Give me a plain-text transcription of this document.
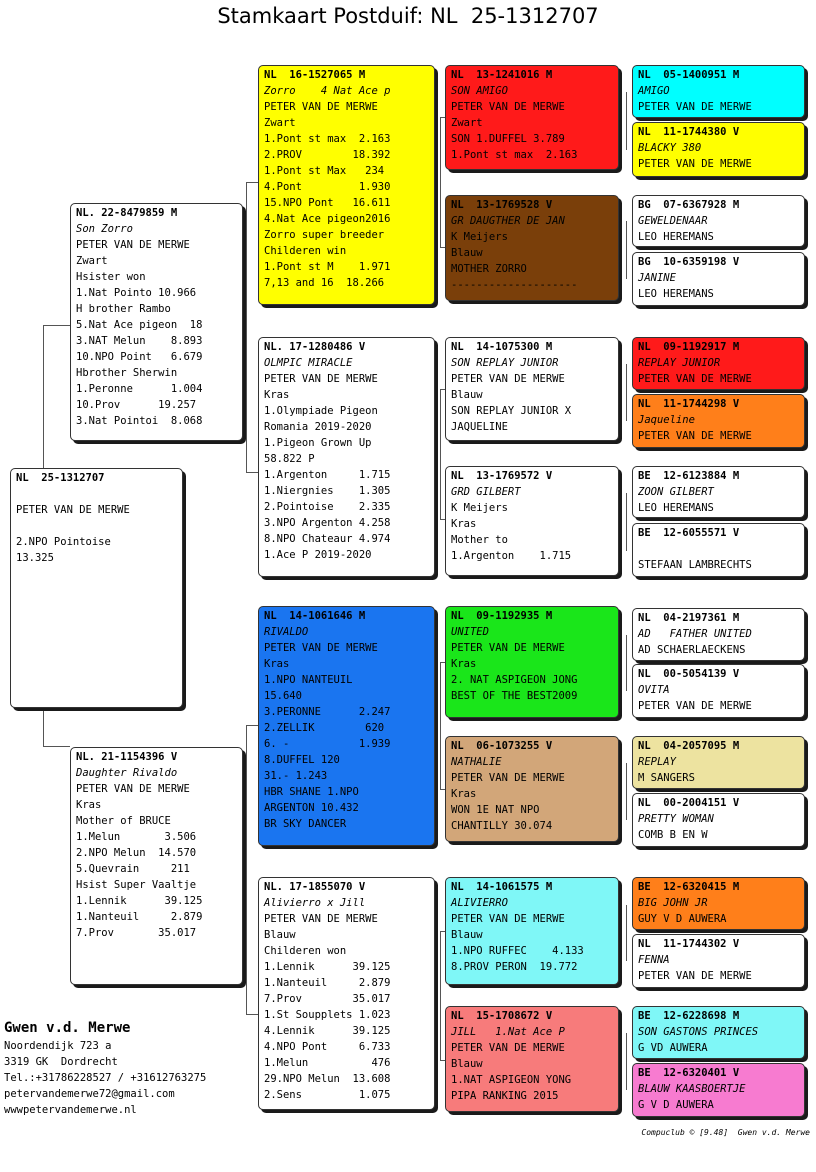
Stamkaart Postduif: NL  25-1312707
NL  25-1312707
PETER VAN DE MERWE
2.NPO Pointoise
13.325
NL. 22-8479859 M
Son Zorro
PETER VAN DE MERWE
Zwart
Hsister won
1.Nat Pointo 10.966
H brother Rambo
5.Nat Ace pigeon  18
3.NAT Melun    8.893
10.NPO Point   6.679
Hbrother Sherwin
1.Peronne      1.004
10.Prov      19.257
3.Nat Pointoi  8.068
NL. 21-1154396 V
Daughter Rivaldo
PETER VAN DE MERWE
Kras
Mother of BRUCE
1.Melun       3.506
2.NPO Melun  14.570
5.Quevrain     211
Hsist Super Vaaltje
1.Lennik      39.125
1.Nanteuil     2.879
7.Prov       35.017
NL  16-1527065 M
Zorro    4 Nat Ace p
PETER VAN DE MERWE
Zwart
1.Pont st max  2.163
2.PROV        18.392
1.Pont st Max   234
4.Pont         1.930
15.NPO Pont   16.611
4.Nat Ace pigeon2016
Zorro super breeder
Childeren win
1.Pont st M    1.971
7,13 and 16  18.266
NL. 17-1280486 V
OLMPIC MIRACLE
PETER VAN DE MERWE
Kras
1.Olympiade Pigeon
Romania 2019-2020
1.Pigeon Grown Up
58.822 P
1.Argenton     1.715
1.Niergnies    1.305
2.Pointoise    2.335
3.NPO Argenton 4.258
8.NPO Chateaur 4.974
1.Ace P 2019-2020
NL  14-1061646 M
RIVALDO
PETER VAN DE MERWE
Kras
1.NPO NANTEUIL
15.640
3.PERONNE      2.247
2.ZELLIK        620
6. -           1.939
8.DUFFEL 120
31.- 1.243
HBR SHANE 1.NPO
ARGENTON 10.432
BR SKY DANCER
NL. 17-1855070 V
Alivierro x Jill
PETER VAN DE MERWE
Blauw
Childeren won
1.Lennik      39.125
1.Nanteuil     2.879
7.Prov        35.017
1.St Soupplets 1.023
4.Lennik      39.125
4.NPO Pont     6.733
1.Melun          476
29.NPO Melun  13.608
2.Sens         1.075
NL  13-1241016 M
SON AMIGO
PETER VAN DE MERWE
Zwart
SON 1.DUFFEL 3.789
1.Pont st max  2.163
NL  13-1769528 V
GR DAUGTHER DE JAN
K Meijers
Blauw
MOTHER ZORRO
--------------------
NL  14-1075300 M
SON REPLAY JUNIOR
PETER VAN DE MERWE
Blauw
SON REPLAY JUNIOR X
JAQUELINE
NL  13-1769572 V
GRD GILBERT
K Meijers
Kras
Mother to
1.Argenton    1.715
NL  09-1192935 M
UNITED
PETER VAN DE MERWE
Kras
2. NAT ASPIGEON JONG
BEST OF THE BEST2009
NL  06-1073255 V
NATHALIE
PETER VAN DE MERWE
Kras
WON 1E NAT NPO
CHANTILLY 30.074
NL  14-1061575 M
ALIVIERRO
PETER VAN DE MERWE
Blauw
1.NPO RUFFEC    4.133
8.PROV PERON  19.772
NL  15-1708672 V
JILL   1.Nat Ace P
PETER VAN DE MERWE
Blauw
1.NAT ASPIGEON YONG
PIPA RANKING 2015
NL  05-1400951 M
AMIGO
PETER VAN DE MERWE
NL  11-1744380 V
BLACKY 380
PETER VAN DE MERWE
BG  07-6367928 M
GEWELDENAAR
LEO HEREMANS
BG  10-6359198 V
JANINE
LEO HEREMANS
NL  09-1192917 M
REPLAY JUNIOR
PETER VAN DE MERWE
NL  11-1744298 V
Jaqueline
PETER VAN DE MERWE
BE  12-6123884 M
ZOON GILBERT
LEO HEREMANS
BE  12-6055571 V
STEFAAN LAMBRECHTS
NL  04-2197361 M
AD   FATHER UNITED
AD SCHAERLAECKENS
NL  00-5054139 V
OVITA
PETER VAN DE MERWE
NL  04-2057095 M
REPLAY
M SANGERS
NL  00-2004151 V
PRETTY WOMAN
COMB B EN W
BE  12-6320415 M
BIG JOHN JR
GUY V D AUWERA
NL  11-1744302 V
FENNA
PETER VAN DE MERWE
BE  12-6228698 M
SON GASTONS PRINCES
G VD AUWERA
BE  12-6320401 V
BLAUW KAASBOERTJE
G V D AUWERA
Gwen v.d. Merwe
Noordendijk 723 a
3319 GK  Dordrecht
Tel.:+31786228527 / +31612763275
petervandemerwe72@gmail.com
wwwpetervandemerwe.nl
Compuclub © [9.48]  Gwen v.d. Merwe
